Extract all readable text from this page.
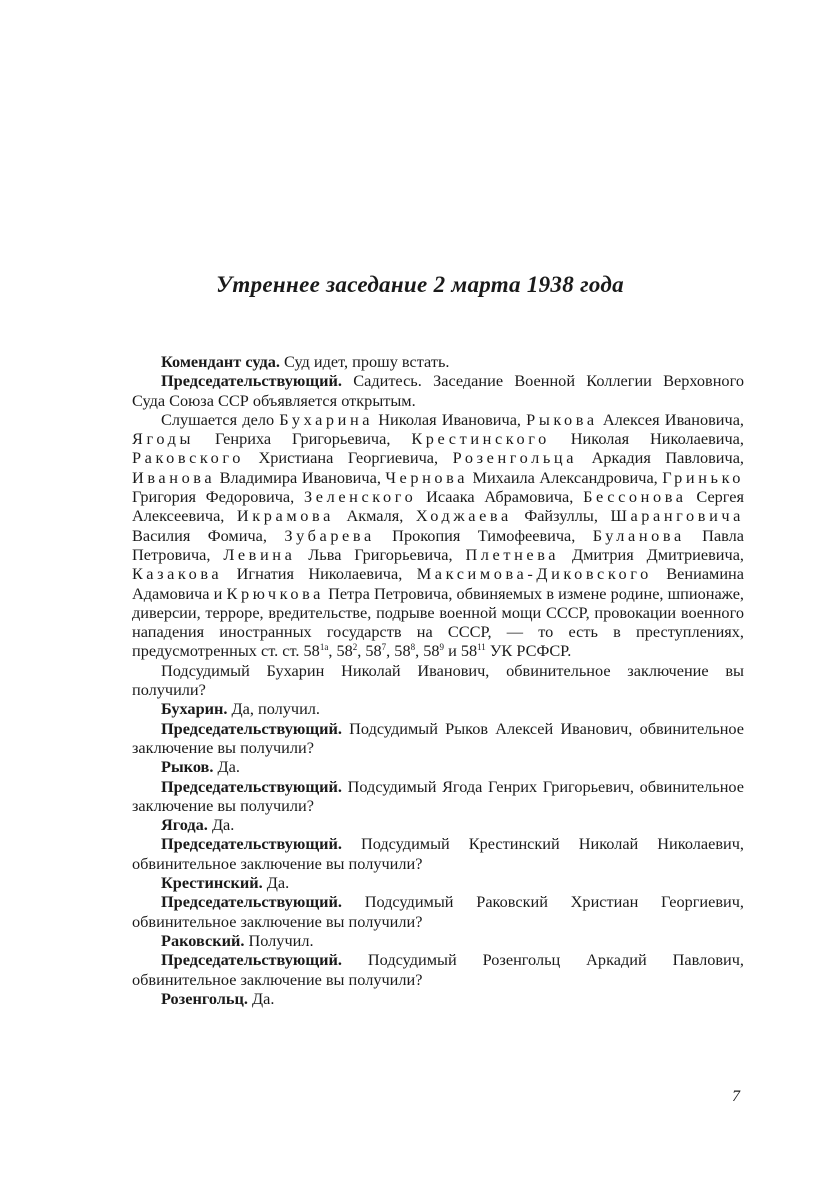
Утреннее заседание 2 марта 1938 года

Комендант суда. Суд идет, прошу встать.

Председательствующий. Садитесь. Заседание Военной Коллегии Верховного Суда Союза ССР объявляется открытым.

Слушается дело Бухарина Николая Ивановича, Рыкова Алексея Ивановича, Ягоды Генриха Григорьевича, Крестинского Николая Николаевича, Раковского Христиана Георгиевича, Розенгольца Аркадия Павловича, Иванова Владимира Ивановича, Чернова Михаила Александровича, Гринько Григория Федоровича, Зеленского Исаака Абрамовича, Бессонова Сергея Алексеевича, Икрамова Акмаля, Ходжаева Файзуллы, Шаранговича Василия Фомича, Зубарева Прокопия Тимофеевича, Буланова Павла Петровича, Левина Льва Григорьевича, Плетнева Дмитрия Дмитриевича, Казакова Игнатия Николаевича, Максимова-Диковского Вениамина Адамовича и Крючкова Петра Петровича, обвиняемых в измене родине, шпионаже, диверсии, терроре, вредительстве, подрыве военной мощи СССР, провокации военного нападения иностранных государств на СССР, — то есть в преступлениях, предусмотренных ст. ст. $58^{1а}$, $58^2$, $58^7$, $58^8$, $58^9$ и $58^{11}$ УК РСФСР.

Подсудимый Бухарин Николай Иванович, обвинительное заключение вы получили?

Бухарин. Да, получил.

Председательствующий. Подсудимый Рыков Алексей Иванович, обвинительное заключение вы получили?

Рыков. Да.

Председательствующий. Подсудимый Ягода Генрих Григорьевич, обвинительное заключение вы получили?

Ягода. Да.

Председательствующий. Подсудимый Крестинский Николай Николаевич, обвинительное заключение вы получили?

Крестинский. Да.

Председательствующий. Подсудимый Раковский Христиан Георгиевич, обвинительное заключение вы получили?

Раковский. Получил.

Председательствующий. Подсудимый Розенгольц Аркадий Павлович, обвинительное заключение вы получили?

Розенгольц. Да.

7
